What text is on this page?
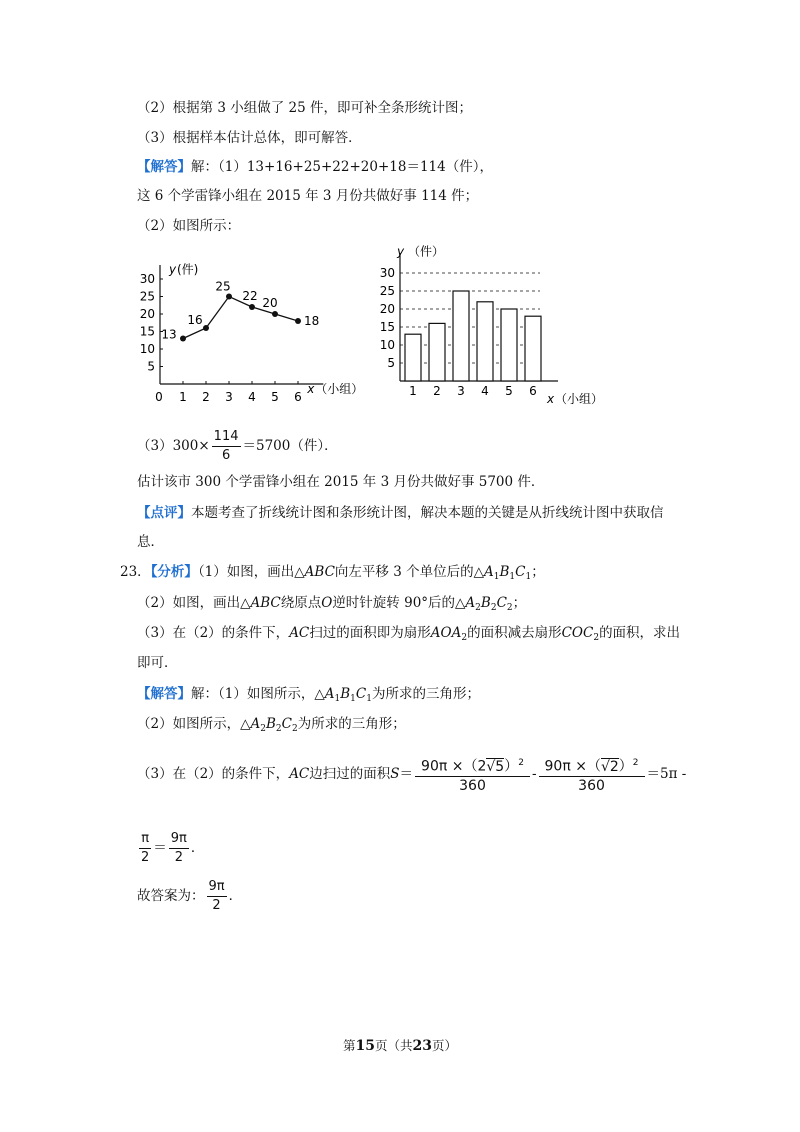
（2）根据第 3 小组做了 25 件，即可补全条形统计图；
（3）根据样本估计总体，即可解答．
【解答】解：（1）13+16+25+22+20+18＝114（件），
这 6 个学雷锋小组在 2015 年 3 月份共做好事 114 件；
（2）如图所示：
y (件)
x （小组）
5
10
15
20
25
30
0 1 2 3 4 5 6
13
16
25
22 20
18
y （件）
x （小组）
5
10
15
20
25
30
1 2 3 4 5 6
$(3)300\times \frac{114}{6} =5700$（件）．
估计该市 300 个学雷锋小组在 2015 年 3 月份共做好事 5700 件．
【点评】本题考查了折线统计图和条形统计图，解决本题的关键是从折线统计图中获取信
息．
23．【分析】（1）如图，画出△ABC向左平移 3 个单位后的$\triangle A_1B_1C_1$；
（2）如图，画出△ABC绕原点O逆时针旋转 90°后的$\triangle A_2B_2C_2$；
（3）在（2）的条件下，AC扫过的面积即为扇形$AOA_2$的面积减去扇形$COC_2$的面积，求出
即可．
【解答】解：（1）如图所示，$\triangle A_1B_1C_1$为所求的三角形；
（2）如图所示，$\triangle A_2B_2C_2$为所求的三角形；
（3）在（2）的条件下，AC边扫过的面积$S= \frac{90\pi \times(2√5)^2}{360} - \frac{90\pi \times(√2)^2}{360} =5\pi$ -
$\frac{\pi}{2} = \frac{9\pi}{2}$ ．
故答案为： $\frac{9\pi}{2}$ ．
第15页（共23页）
